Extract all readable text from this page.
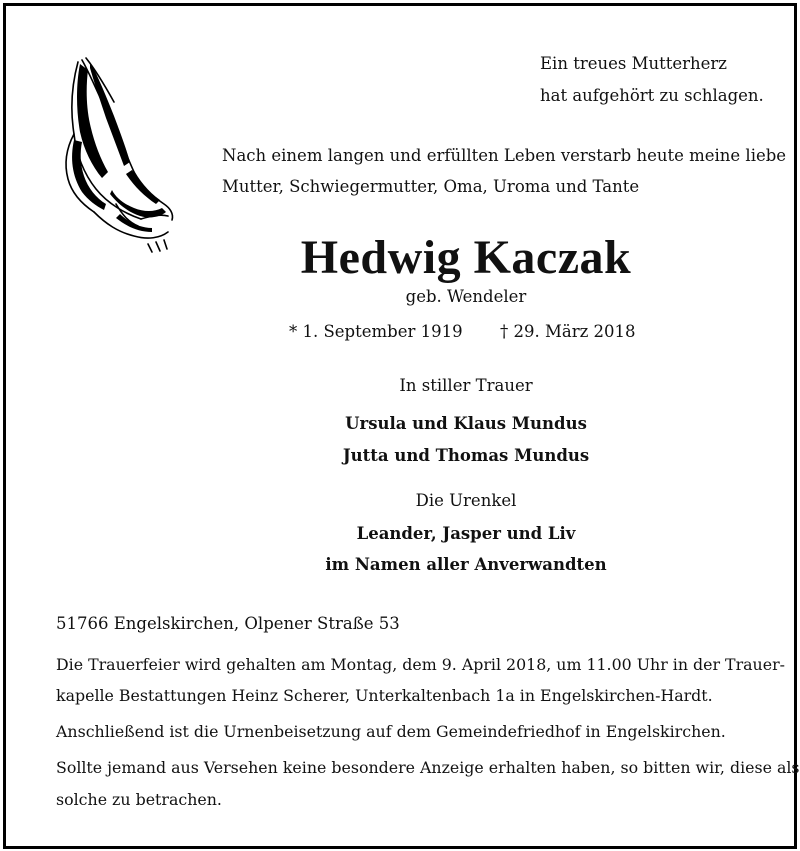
Ein treues Mutterherz
hat aufgehört zu schlagen.
Nach einem langen und erfüllten Leben verstarb heute meine liebe
Mutter, Schwiegermutter, Oma, Uroma und Tante
Hedwig Kaczak
geb. Wendeler
* 1. September 1919 † 29. März 2018
In stiller Trauer
Ursula und Klaus Mundus
Jutta und Thomas Mundus
Die Urenkel
Leander, Jasper und Liv
im Namen aller Anverwandten
51766 Engelskirchen, Olpener Straße 53
Die Trauerfeier wird gehalten am Montag, dem 9. April 2018, um 11.00 Uhr in der Trauer-
kapelle Bestattungen Heinz Scherer, Unterkaltenbach 1a in Engelskirchen-Hardt.
Anschließend ist die Urnenbeisetzung auf dem Gemeindefriedhof in Engelskirchen.
Sollte jemand aus Versehen keine besondere Anzeige erhalten haben, so bitten wir, diese als
solche zu betrachen.
